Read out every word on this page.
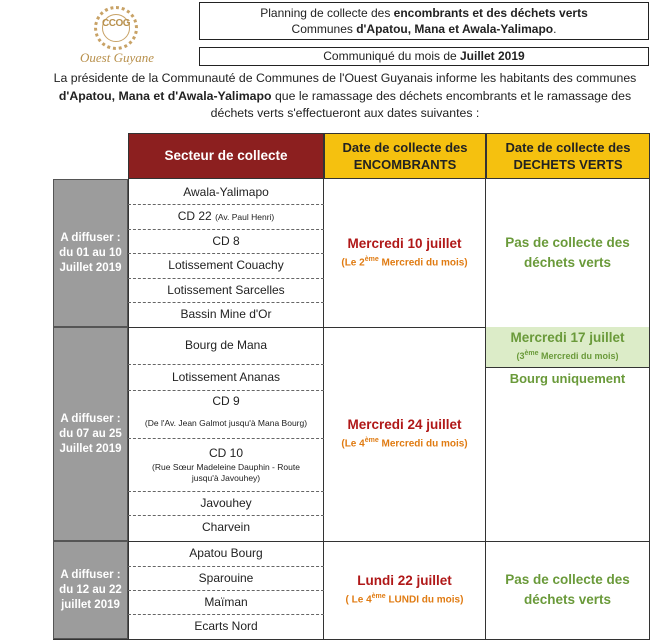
CCOG
Ouest Guyane
Planning de collecte des encombrants et des déchets verts
Communes d'Apatou, Mana et Awala-Yalimapo.
Communiqué du mois de Juillet 2019
La présidente de la Communauté de Communes de l'Ouest Guyanais informe les habitants des communes d'Apatou, Mana et d'Awala-Yalimapo que le ramassage des déchets encombrants et le ramassage des déchets verts s'effectueront aux dates suivantes :
Secteur de collecte
Date de collecte des ENCOMBRANTS
Date de collecte des DECHETS VERTS
A diffuser :
du 01 au 10
Juillet 2019
Awala-Yalimapo
CD 22 (Av. Paul Henri)
CD 8
Lotissement Couachy
Lotissement Sarcelles
Bassin Mine d'Or
Mercredi 10 juillet
(Le 2ème Mercredi du mois)
Pas de collecte des déchets verts
A diffuser :
du 07 au 25
Juillet 2019
Bourg de Mana
Lotissement Ananas
CD 9
(De l'Av. Jean Galmot jusqu'à Mana Bourg)
CD 10
(Rue Sœur Madeleine Dauphin - Route jusqu'à Javouhey)
Javouhey
Charvein
Mercredi 24 juillet
(Le 4ème Mercredi du mois)
Mercredi 17 juillet
(3ème Mercredi du mois)
Bourg uniquement
A diffuser :
du 12 au 22
juillet 2019
Apatou Bourg
Sparouine
Maïman
Ecarts Nord
Lundi 22 juillet
( Le 4ème LUNDI du mois)
Pas de collecte des déchets verts
